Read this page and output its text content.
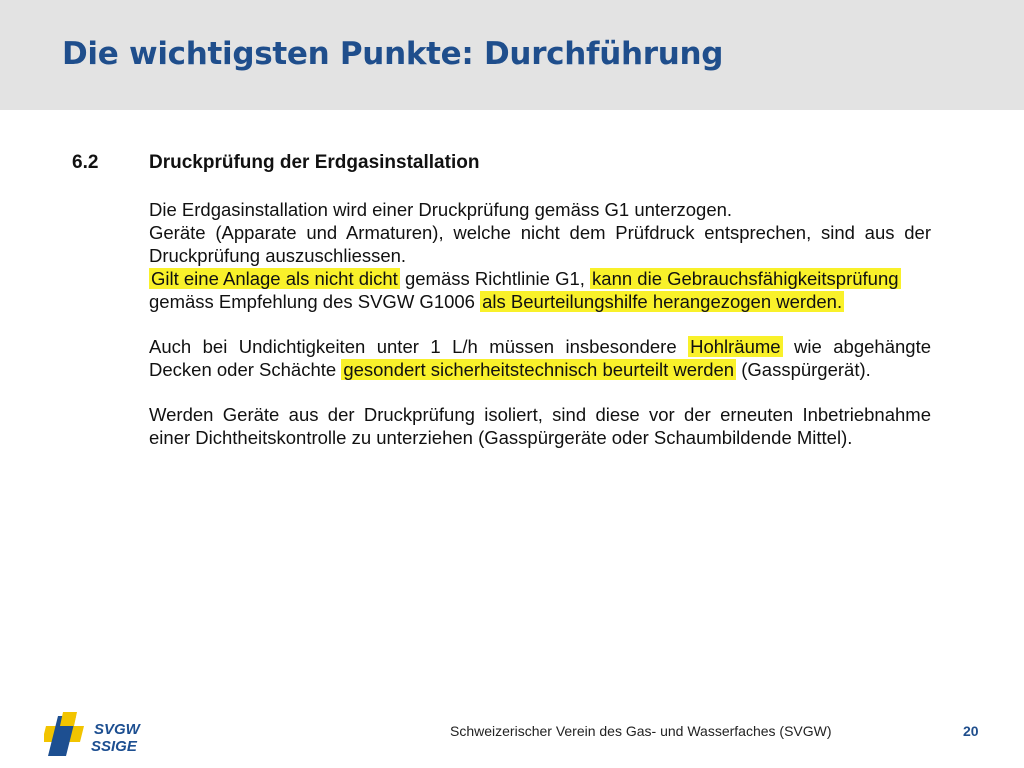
Die wichtigsten Punkte: Durchführung
6.2	Druckprüfung der Erdgasinstallation
Die Erdgasinstallation wird einer Druckprüfung gemäss G1 unterzogen.
Geräte (Apparate und Armaturen), welche nicht dem Prüfdruck entsprechen, sind aus der
Druckprüfung auszuschliessen.
Gilt eine Anlage als nicht dicht gemäss Richtlinie G1, kann die Gebrauchsfähigkeitsprüfung
gemäss Empfehlung des SVGW G1006 als Beurteilungshilfe herangezogen werden.
Auch bei Undichtigkeiten unter 1 L/h müssen insbesondere Hohlräume wie abgehängte
Decken oder Schächte gesondert sicherheitstechnisch beurteilt werden (Gasspürgerät).
Werden Geräte aus der Druckprüfung isoliert, sind diese vor der erneuten Inbetriebnahme
einer Dichtheitskontrolle zu unterziehen (Gasspürgeräte oder Schaumbildende Mittel).
SVGW
SSIGE
Schweizerischer Verein des Gas- und Wasserfaches (SVGW)	20
